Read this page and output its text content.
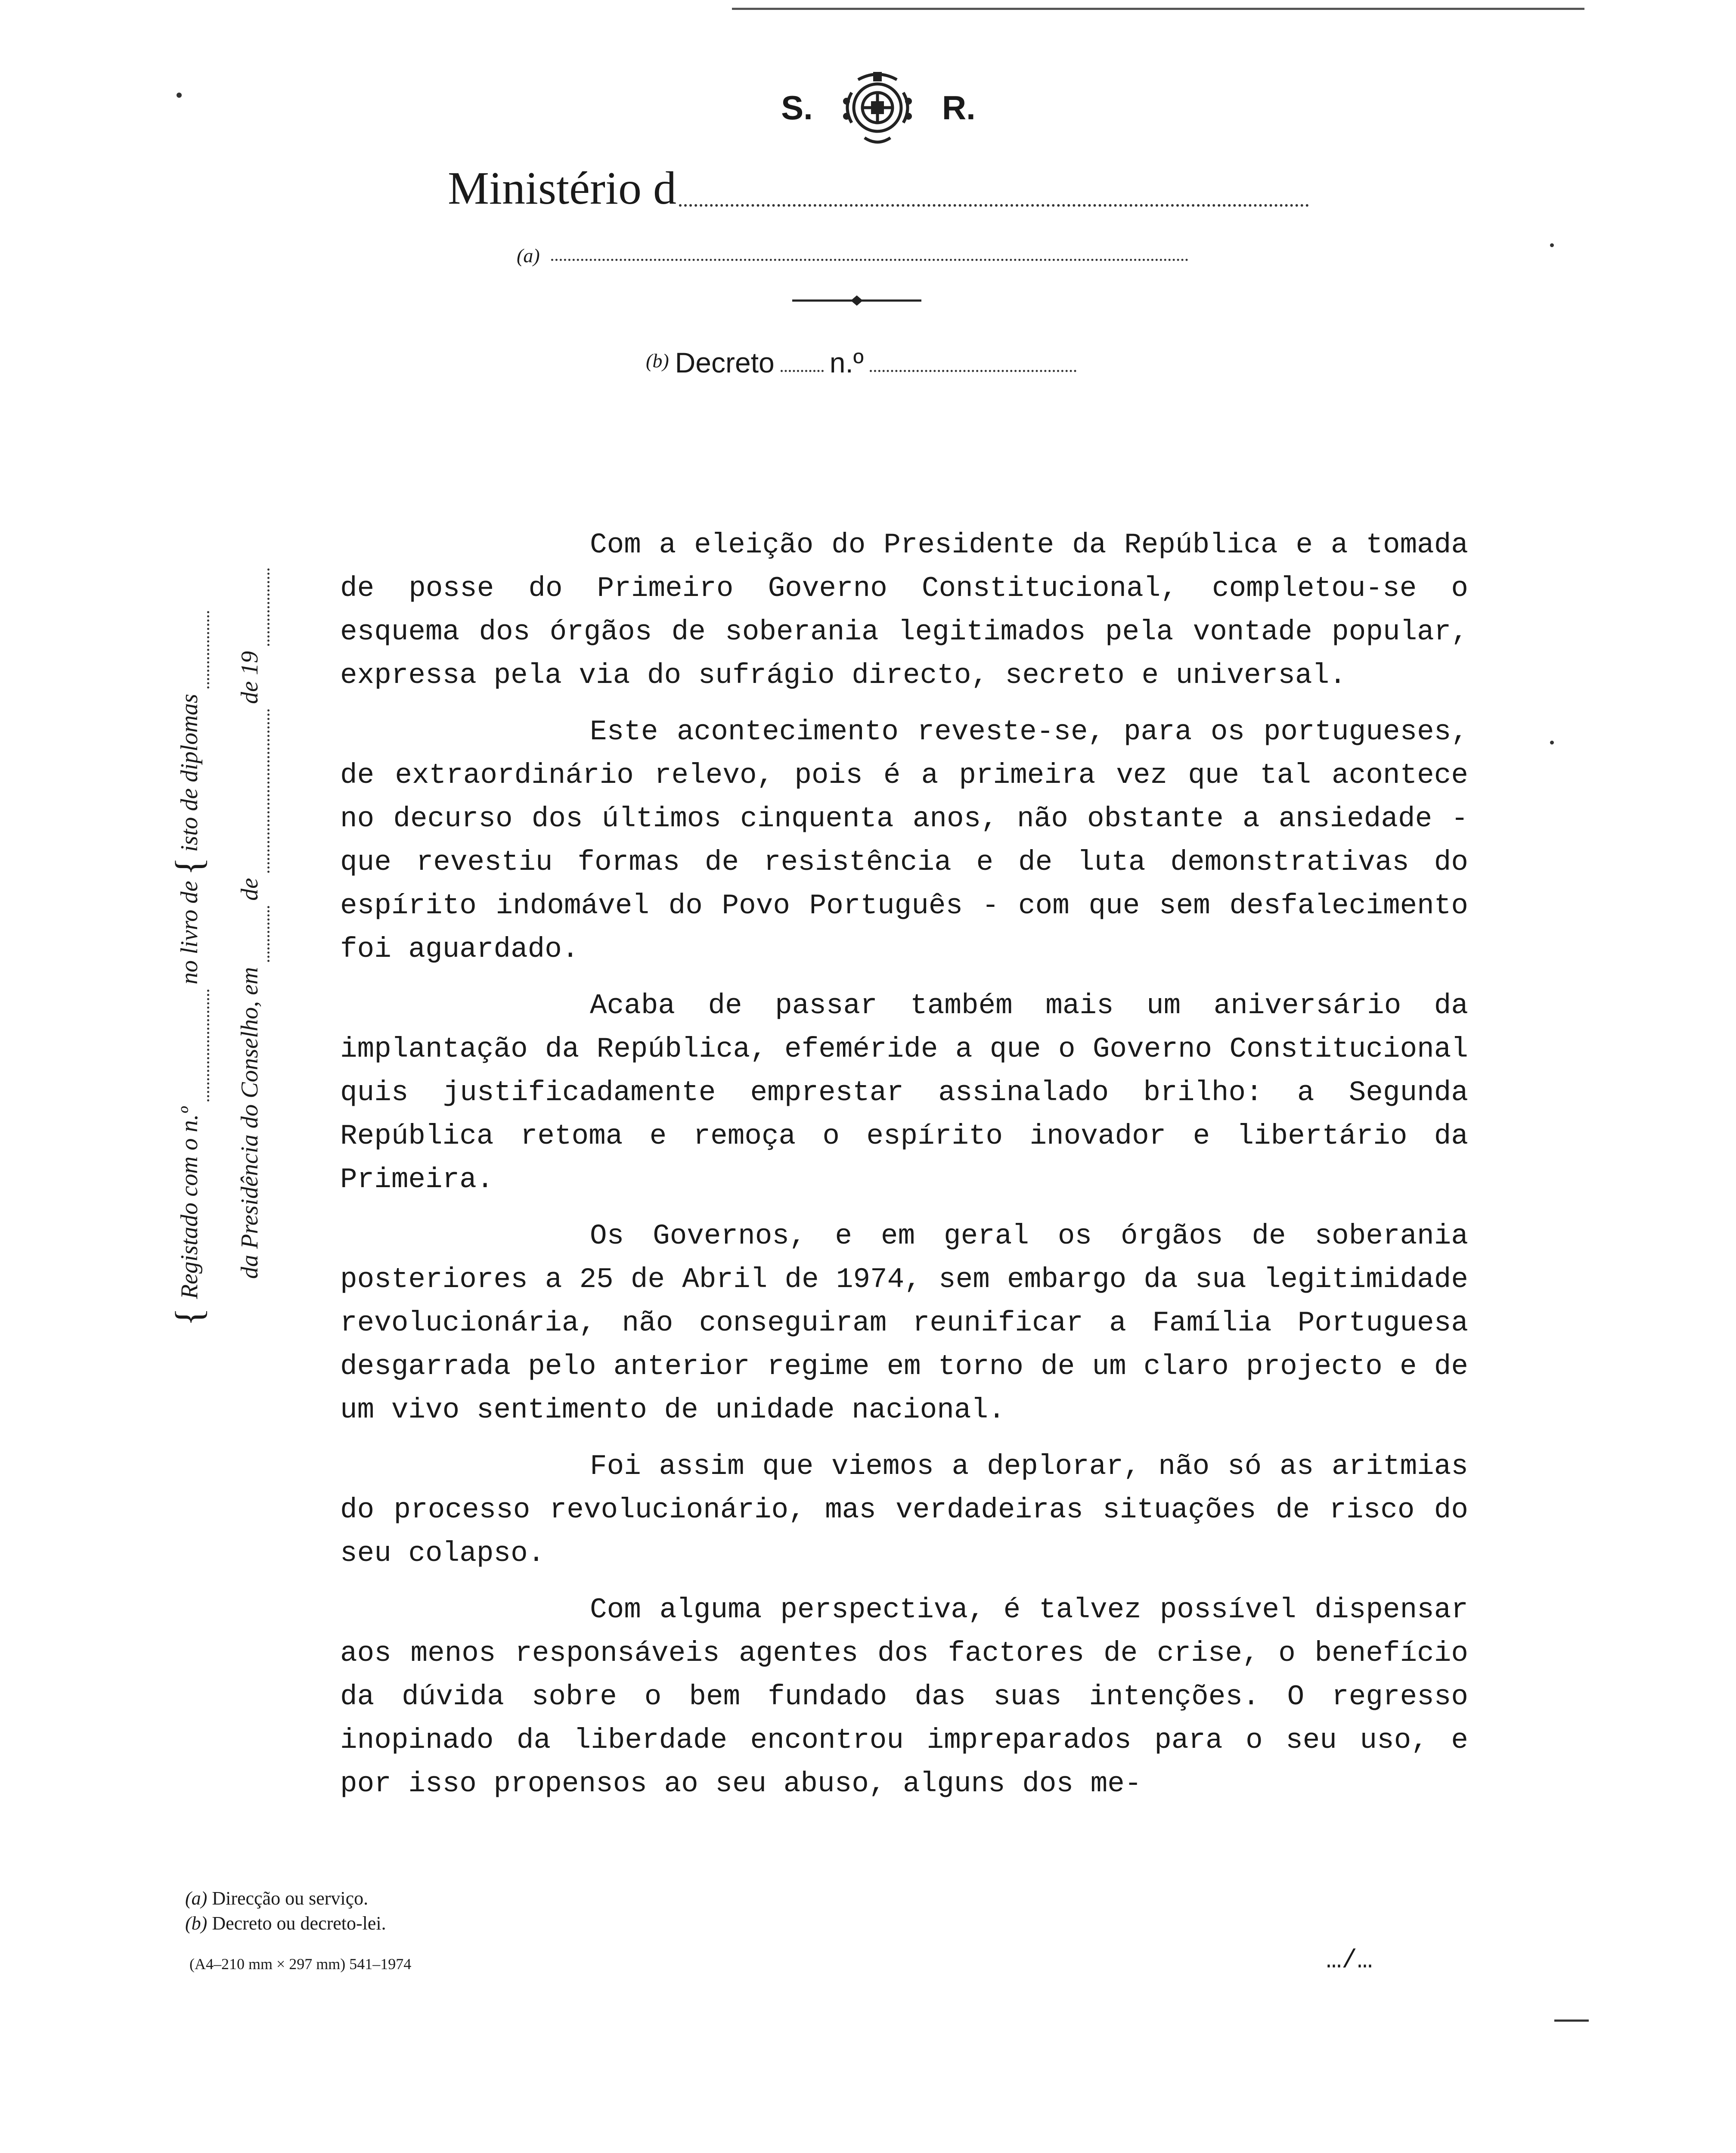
S.	R.
Ministério d
(a)
(b) Decreto n.º
{
Registado com o n.º
no livro de
{
isto de diplomas
da Presidência do Conselho, em
de
de 19

Com a eleição do Presidente da República e a tomada de posse do Primeiro Governo Constitucional, completou-se o esquema dos órgãos de soberania legitimados pela vontade popular, expressa pela via do sufrágio directo, secreto e universal.

Este acontecimento reveste-se, para os portugueses, de extraordinário relevo, pois é a primeira vez que tal acontece no decurso dos últimos cinquenta anos, não obstante a ansiedade - que revestiu formas de resistência e de luta demonstrativas do espírito indomável do Povo Português - com que sem desfalecimento foi aguardado.

Acaba de passar também mais um aniversário da implantação da República, efeméride a que o Governo Constitucional quis justificadamente emprestar assinalado brilho: a Segunda República retoma e remoça o espírito inovador e libertário da Primeira.

Os Governos, e em geral os órgãos de soberania posteriores a 25 de Abril de 1974, sem embargo da sua legitimidade revolucionária, não conseguiram reunificar a Família Portuguesa desgarrada pelo anterior regime em torno de um claro projecto e de um vivo sentimento de unidade nacional.

Foi assim que viemos a deplorar, não só as aritmias do processo revolucionário, mas verdadeiras situações de risco do seu colapso.

Com alguma perspectiva, é talvez possível dispensar aos menos responsáveis agentes dos factores de crise, o benefício da dúvida sobre o bem fundado das suas intenções. O regresso inopinado da liberdade encontrou impreparados para o seu uso, e por isso propensos ao seu abuso, alguns dos me-

(a) Direcção ou serviço.
(b) Decreto ou decreto-lei.
(A4–210 mm × 297 mm) 541–1974	…/…
